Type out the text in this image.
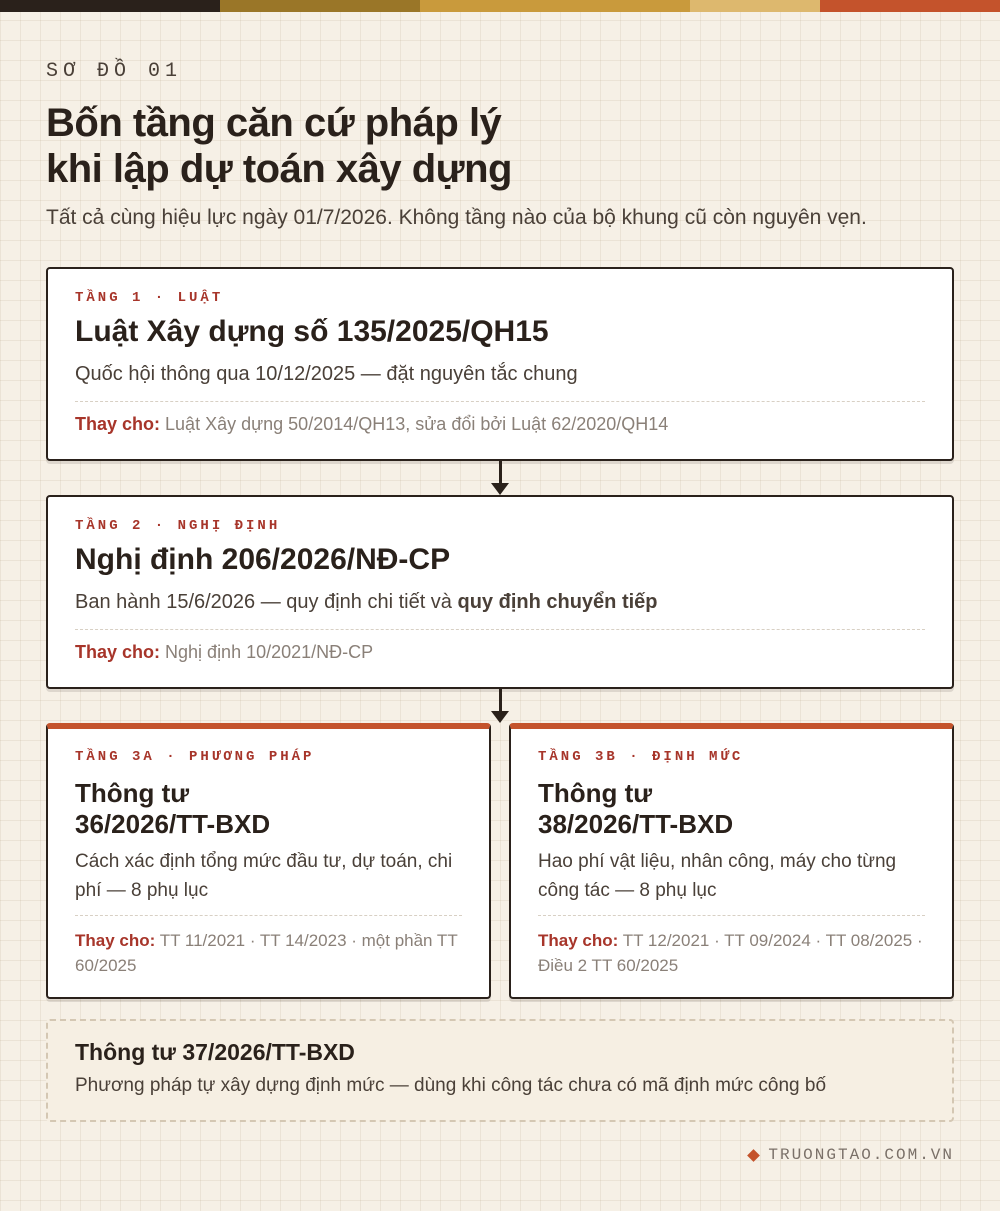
SƠ ĐỒ 01
Bốn tầng căn cứ pháp lý
khi lập dự toán xây dựng
Tất cả cùng hiệu lực ngày 01/7/2026. Không tầng nào của bộ khung cũ còn nguyên vẹn.
TẦNG 1 · LUẬT
Luật Xây dựng số 135/2025/QH15
Quốc hội thông qua 10/12/2025 — đặt nguyên tắc chung
Thay cho: Luật Xây dựng 50/2014/QH13, sửa đổi bởi Luật 62/2020/QH14
TẦNG 2 · NGHỊ ĐỊNH
Nghị định 206/2026/NĐ-CP
Ban hành 15/6/2026 — quy định chi tiết và quy định chuyển tiếp
Thay cho: Nghị định 10/2021/NĐ-CP
TẦNG 3A · PHƯƠNG PHÁP
Thông tư
36/2026/TT-BXD
Cách xác định tổng mức đầu tư, dự toán, chi phí — 8 phụ lục
Thay cho: TT 11/2021 · TT 14/2023 · một phần TT 60/2025
TẦNG 3B · ĐỊNH MỨC
Thông tư
38/2026/TT-BXD
Hao phí vật liệu, nhân công, máy cho từng công tác — 8 phụ lục
Thay cho: TT 12/2021 · TT 09/2024 · TT 08/2025 · Điều 2 TT 60/2025
Thông tư 37/2026/TT-BXD
Phương pháp tự xây dựng định mức — dùng khi công tác chưa có mã định mức công bố
TRUONGTAO.COM.VN
